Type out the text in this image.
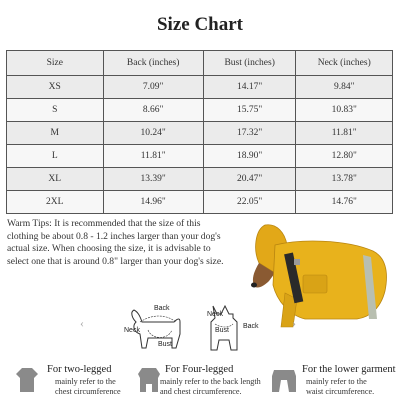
Size Chart
Size	Back (inches)	Bust (inches)	Neck (inches)
XS	7.09"	14.17"	9.84"
S	8.66"	15.75"	10.83"
M	10.24"	17.32"	11.81"
L	11.81"	18.90"	12.80"
XL	13.39"	20.47"	13.78"
2XL	14.96"	22.05"	14.76"
Warm Tips: It is recommended that the size of this
clothing be about 0.8 - 1.2 inches larger than your dog's
actual size. When choosing the size, it is advisable to
select one that is around 0.8" larger than your dog's size.
‹	›
Back
Neck
Bust
Neck
Bust
Back
For two-legged
mainly refer to the
chest circumference
For Four-legged
mainly refer to the back length
and chest circumference.
For the lower garment
mainly refer to the
waist circumference.
